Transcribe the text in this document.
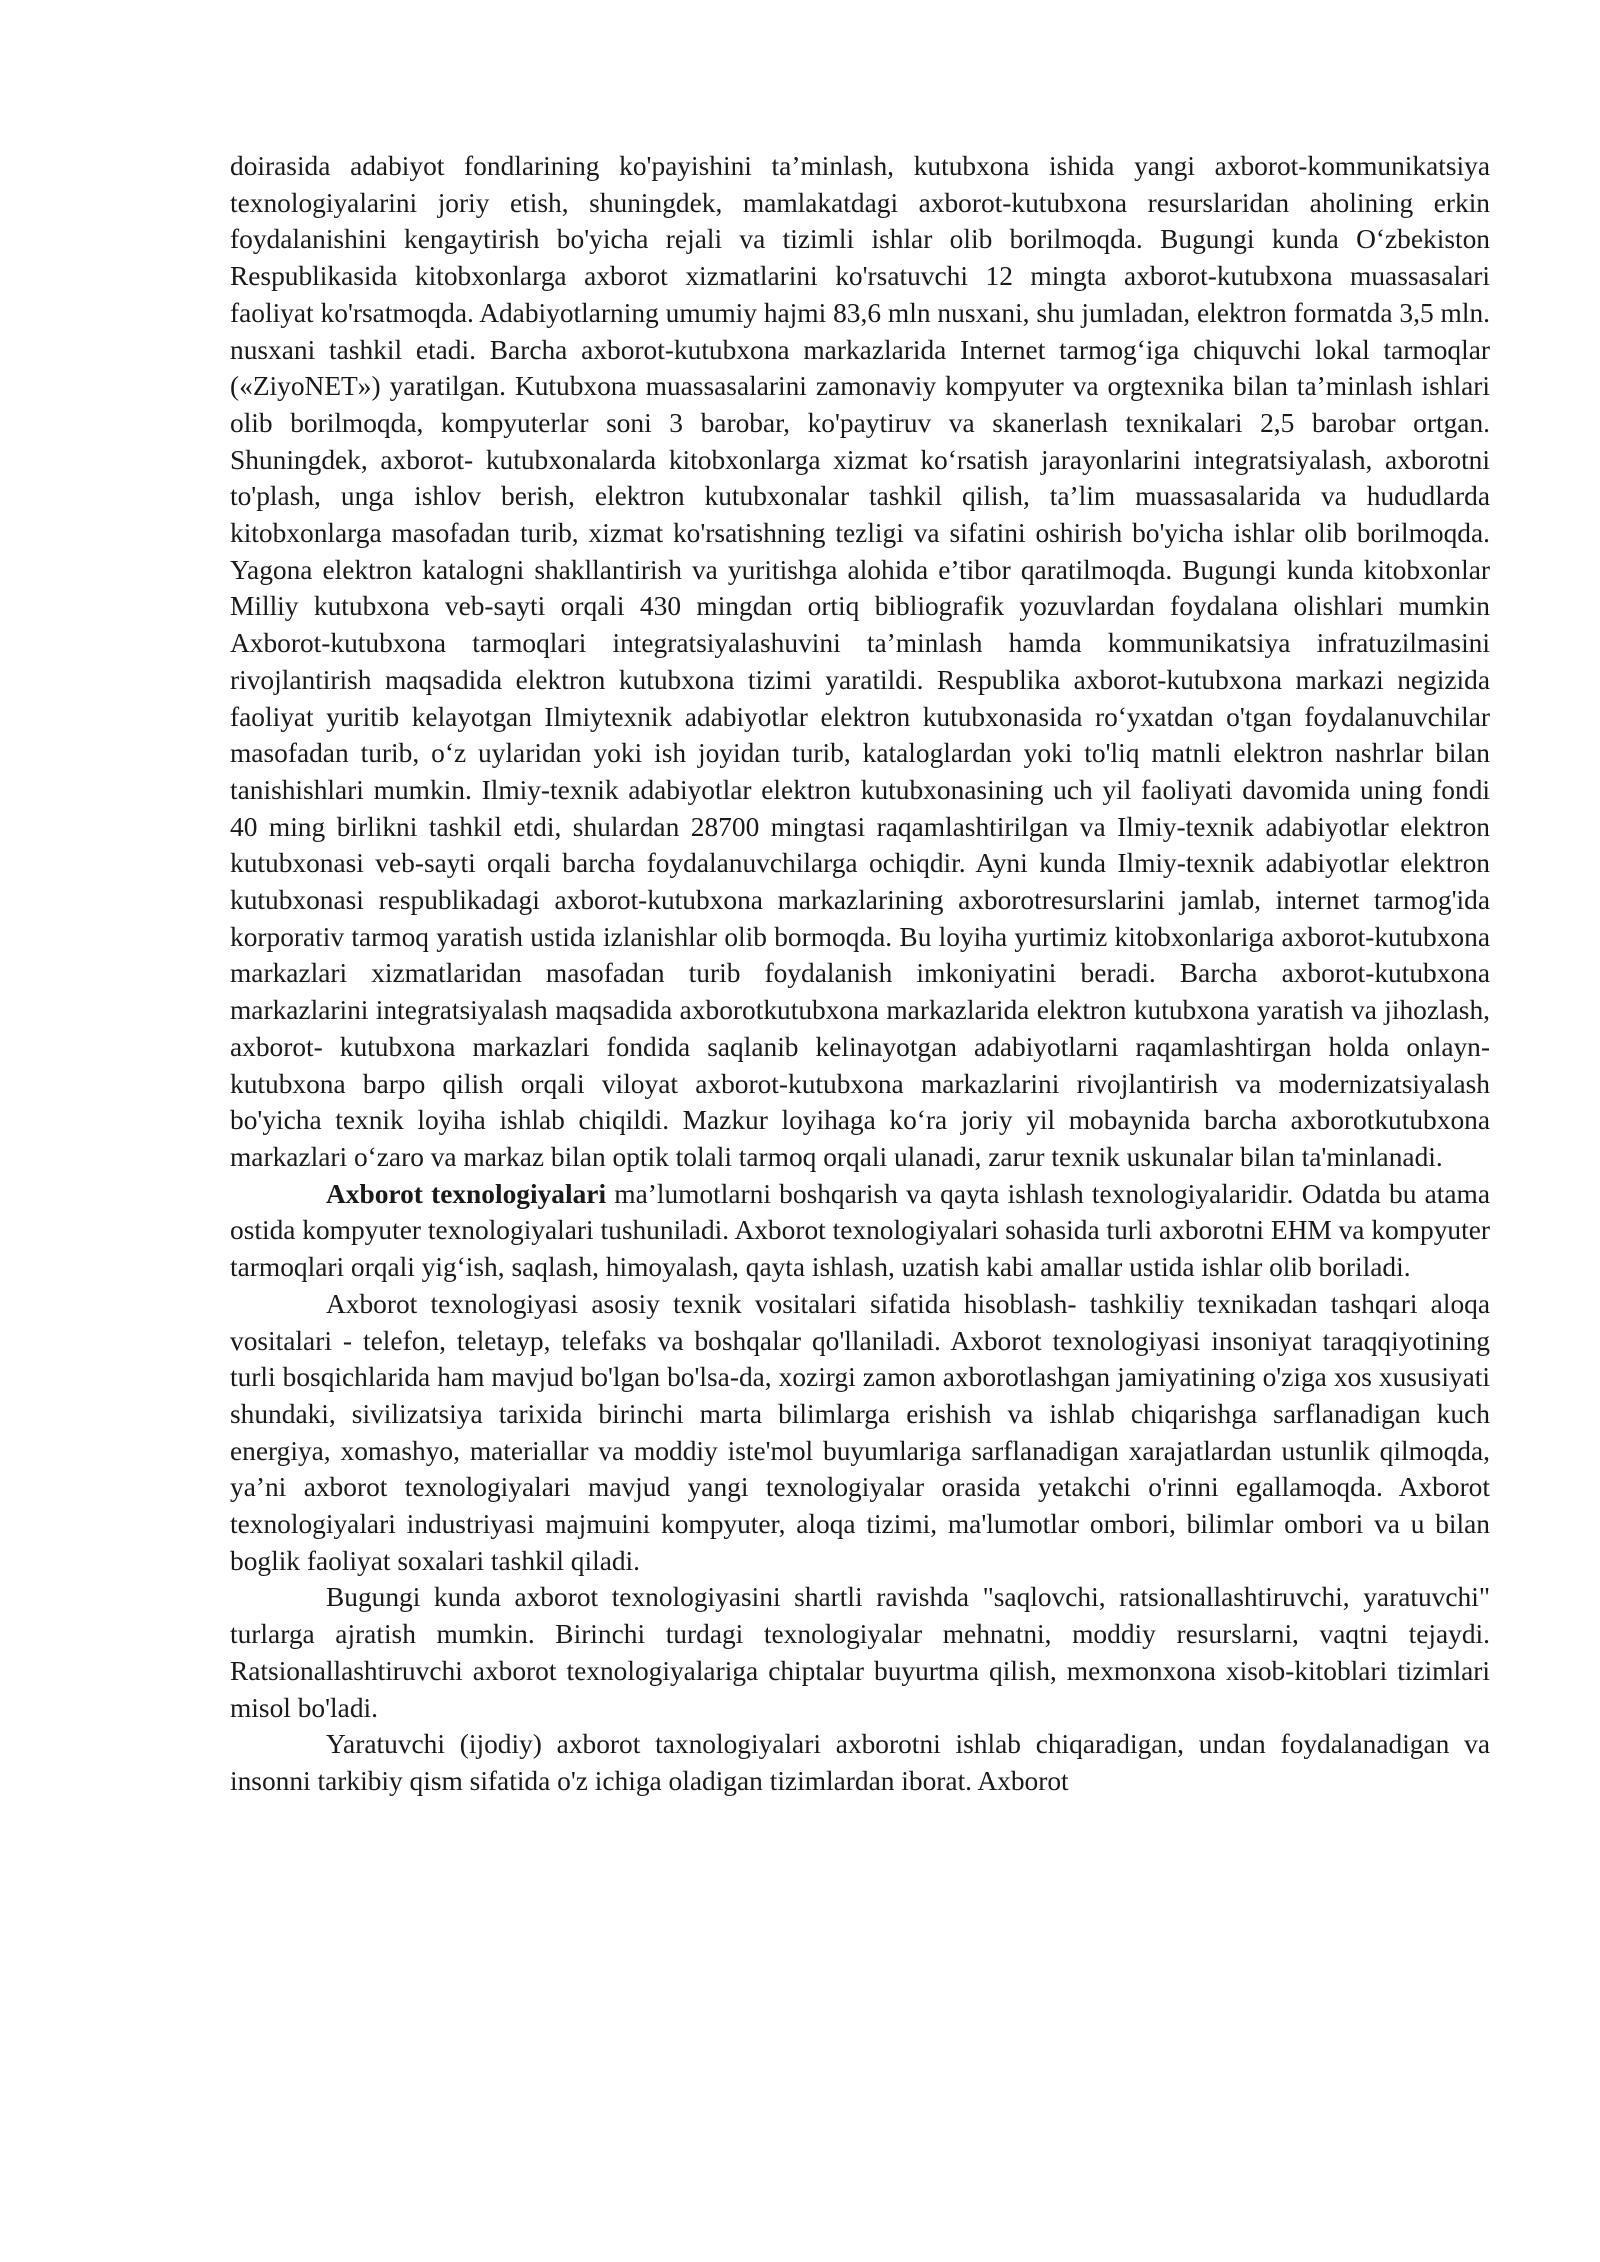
doirasida adabiyot fondlarining ko'payishini ta’minlash, kutubxona ishida yangi axborot-kommunikatsiya texnologiyalarini joriy etish, shuningdek, mamlakatdagi axborot-kutubxona resurslaridan aholining erkin foydalanishini kengaytirish bo'yicha rejali va tizimli ishlar olib borilmoqda. Bugungi kunda O‘zbekiston Respublikasida kitobxonlarga axborot xizmatlarini ko'rsatuvchi 12 mingta axborot-kutubxona muassasalari faoliyat ko'rsatmoqda. Adabiyotlarning umumiy hajmi 83,6 mln nusxani, shu jumladan, elektron formatda 3,5 mln. nusxani tashkil etadi. Barcha axborot-kutubxona markazlarida Internet tarmog‘iga chiquvchi lokal tarmoqlar («ZiyoNET») yaratilgan. Kutubxona muassasalarini zamonaviy kompyuter va orgtexnika bilan ta’minlash ishlari olib borilmoqda, kompyuterlar soni 3 barobar, ko'paytiruv va skanerlash texnikalari 2,5 barobar ortgan. Shuningdek, axborot- kutubxonalarda kitobxonlarga xizmat ko‘rsatish jarayonlarini integratsiyalash, axborotni to'plash, unga ishlov berish, elektron kutubxonalar tashkil qilish, ta’lim muassasalarida va hududlarda kitobxonlarga masofadan turib, xizmat ko'rsatishning tezligi va sifatini oshirish bo'yicha ishlar olib borilmoqda. Yagona elektron katalogni shakllantirish va yuritishga alohida e’tibor qaratilmoqda. Bugungi kunda kitobxonlar Milliy kutubxona veb-sayti orqali 430 mingdan ortiq bibliografik yozuvlardan foydalana olishlari mumkin Axborot-kutubxona tarmoqlari integratsiyalashuvini ta’minlash hamda kommunikatsiya infratuzilmasini rivojlantirish maqsadida elektron kutubxona tizimi yaratildi. Respublika axborot-kutubxona markazi negizida faoliyat yuritib kelayotgan Ilmiytexnik adabiyotlar elektron kutubxonasida ro‘yxatdan o'tgan foydalanuvchilar masofadan turib, o‘z uylaridan yoki ish joyidan turib, kataloglardan yoki to'liq matnli elektron nashrlar bilan tanishishlari mumkin. Ilmiy-texnik adabiyotlar elektron kutubxonasining uch yil faoliyati davomida uning fondi 40 ming birlikni tashkil etdi, shulardan 28700 mingtasi raqamlashtirilgan va Ilmiy-texnik adabiyotlar elektron kutubxonasi veb-sayti orqali barcha foydalanuvchilarga ochiqdir. Ayni kunda Ilmiy-texnik adabiyotlar elektron kutubxonasi respublikadagi axborot-kutubxona markazlarining axborotresurslarini jamlab, internet tarmog'ida korporativ tarmoq yaratish ustida izlanishlar olib bormoqda. Bu loyiha yurtimiz kitobxonlariga axborot-kutubxona markazlari xizmatlaridan masofadan turib foydalanish imkoniyatini beradi. Barcha axborot-kutubxona markazlarini integratsiyalash maqsadida axborotkutubxona markazlarida elektron kutubxona yaratish va jihozlash, axborot- kutubxona markazlari fondida saqlanib kelinayotgan adabiyotlarni raqamlashtirgan holda onlayn-kutubxona barpo qilish orqali viloyat axborot-kutubxona markazlarini rivojlantirish va modernizatsiyalash bo'yicha texnik loyiha ishlab chiqildi. Mazkur loyihaga ko‘ra joriy yil mobaynida barcha axborotkutubxona markazlari o‘zaro va markaz bilan optik tolali tarmoq orqali ulanadi, zarur texnik uskunalar bilan ta'minlanadi.

Axborot texnologiyalari ma’lumotlarni boshqarish va qayta ishlash texnologiyalaridir. Odatda bu atama ostida kompyuter texnologiyalari tushuniladi. Axborot texnologiyalari sohasida turli axborotni EHM va kompyuter tarmoqlari orqali yig‘ish, saqlash, himoyalash, qayta ishlash, uzatish kabi amallar ustida ishlar olib boriladi.

Axborot texnologiyasi asosiy texnik vositalari sifatida hisoblash- tashkiliy texnikadan tashqari aloqa vositalari - telefon, teletayp, telefaks va boshqalar qo'llaniladi. Axborot texnologiyasi insoniyat taraqqiyotining turli bosqichlarida ham mavjud bo'lgan bo'lsa-da, xozirgi zamon axborotlashgan jamiyatining o'ziga xos xususiyati shundaki, sivilizatsiya tarixida birinchi marta bilimlarga erishish va ishlab chiqarishga sarflanadigan kuch energiya, xomashyo, materiallar va moddiy iste'mol buyumlariga sarflanadigan xarajatlardan ustunlik qilmoqda, ya’ni axborot texnologiyalari mavjud yangi texnologiyalar orasida yetakchi o'rinni egallamoqda. Axborot texnologiyalari industriyasi majmuini kompyuter, aloqa tizimi, ma'lumotlar ombori, bilimlar ombori va u bilan boglik faoliyat soxalari tashkil qiladi.

Bugungi kunda axborot texnologiyasini shartli ravishda "saqlovchi, ratsionallashtiruvchi, yaratuvchi" turlarga ajratish mumkin. Birinchi turdagi texnologiyalar mehnatni, moddiy resurslarni, vaqtni tejaydi. Ratsionallashtiruvchi axborot texnologiyalariga chiptalar buyurtma qilish, mexmonxona xisob-kitoblari tizimlari misol bo'ladi.

Yaratuvchi (ijodiy) axborot taxnologiyalari axborotni ishlab chiqaradigan, undan foydalanadigan va insonni tarkibiy qism sifatida o'z ichiga oladigan tizimlardan iborat. Axborot
